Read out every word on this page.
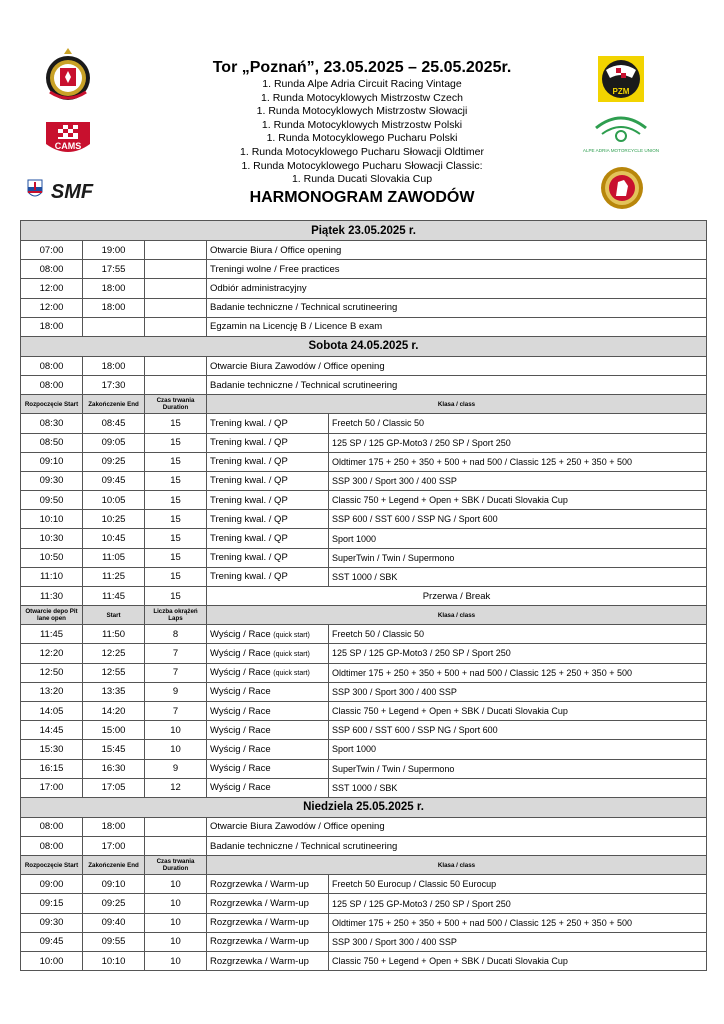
CAMS
SMF
Tor „Poznań”, 23.05.2025 – 25.05.2025r.
1. Runda Alpe Adria Circuit Racing Vintage
1. Runda Motocyklowych Mistrzostw Czech
1. Runda Motocyklowych Mistrzostw Słowacji
1. Runda Motocyklowych Mistrzostw Polski
1. Runda Motocyklowego Pucharu Polski
1. Runda Motocyklowego Pucharu Słowacji Oldtimer
1. Runda Motocyklowego Pucharu Słowacji Classic:
1. Runda Ducati Slovakia Cup
HARMONOGRAM ZAWODÓW
PZM
ALPE ADRIA MOTORCYCLE UNION
Piątek 23.05.2025 r.				
07:00	19:00		Otwarcie Biura / Office opening	
08:00	17:55		Treningi wolne / Free practices	
12:00	18:00		Odbiór administracyjny	
12:00	18:00		Badanie techniczne / Technical scrutineering	
18:00			Egzamin na Licencję B / Licence B exam	
Sobota 24.05.2025 r.				
08:00	18:00		Otwarcie Biura Zawodów / Office opening	
08:00	17:30		Badanie techniczne / Technical scrutineering	
Rozpoczęcie Start	Zakończenie End	Czas trwania Duration	Klasa / class	
08:30	08:45	15	Trening kwal. / QP	Freetch 50 / Classic 50
08:50	09:05	15	Trening kwal. / QP	125 SP / 125 GP-Moto3 / 250 SP / Sport 250
09:10	09:25	15	Trening kwal. / QP	Oldtimer 175 + 250 + 350 + 500 + nad 500 / Classic 125 + 250 + 350 + 500
09:30	09:45	15	Trening kwal. / QP	SSP 300 / Sport 300 / 400 SSP
09:50	10:05	15	Trening kwal. / QP	Classic 750 + Legend + Open + SBK / Ducati Slovakia Cup
10:10	10:25	15	Trening kwal. / QP	SSP 600 / SST 600 / SSP NG / Sport 600
10:30	10:45	15	Trening kwal. / QP	Sport 1000
10:50	11:05	15	Trening kwal. / QP	SuperTwin / Twin / Supermono
11:10	11:25	15	Trening kwal. / QP	SST 1000 / SBK
11:30	11:45	15	Przerwa / Break	
Otwarcie depo Pit lane open	Start	Liczba okrążeń Laps	Klasa / class	
11:45	11:50	8	Wyścig / Race (quick start)	Freetch 50 / Classic 50
12:20	12:25	7	Wyścig / Race (quick start)	125 SP / 125 GP-Moto3 / 250 SP / Sport 250
12:50	12:55	7	Wyścig / Race (quick start)	Oldtimer 175 + 250 + 350 + 500 + nad 500 / Classic 125 + 250 + 350 + 500
13:20	13:35	9	Wyścig / Race	SSP 300 / Sport 300 / 400 SSP
14:05	14:20	7	Wyścig / Race	Classic 750 + Legend + Open + SBK / Ducati Slovakia Cup
14:45	15:00	10	Wyścig / Race	SSP 600 / SST 600 / SSP NG / Sport 600
15:30	15:45	10	Wyścig / Race	Sport 1000
16:15	16:30	9	Wyścig / Race	SuperTwin / Twin / Supermono
17:00	17:05	12	Wyścig / Race	SST 1000 / SBK
Niedziela 25.05.2025 r.				
08:00	18:00		Otwarcie Biura Zawodów / Office opening	
08:00	17:00		Badanie techniczne / Technical scrutineering	
Rozpoczęcie Start	Zakończenie End	Czas trwania Duration	Klasa / class	
09:00	09:10	10	Rozgrzewka / Warm-up	Freetch 50 Eurocup / Classic 50 Eurocup
09:15	09:25	10	Rozgrzewka / Warm-up	125 SP / 125 GP-Moto3 / 250 SP / Sport 250
09:30	09:40	10	Rozgrzewka / Warm-up	Oldtimer 175 + 250 + 350 + 500 + nad 500 / Classic 125 + 250 + 350 + 500
09:45	09:55	10	Rozgrzewka / Warm-up	SSP 300 / Sport 300 / 400 SSP
10:00	10:10	10	Rozgrzewka / Warm-up	Classic 750 + Legend + Open + SBK / Ducati Slovakia Cup
